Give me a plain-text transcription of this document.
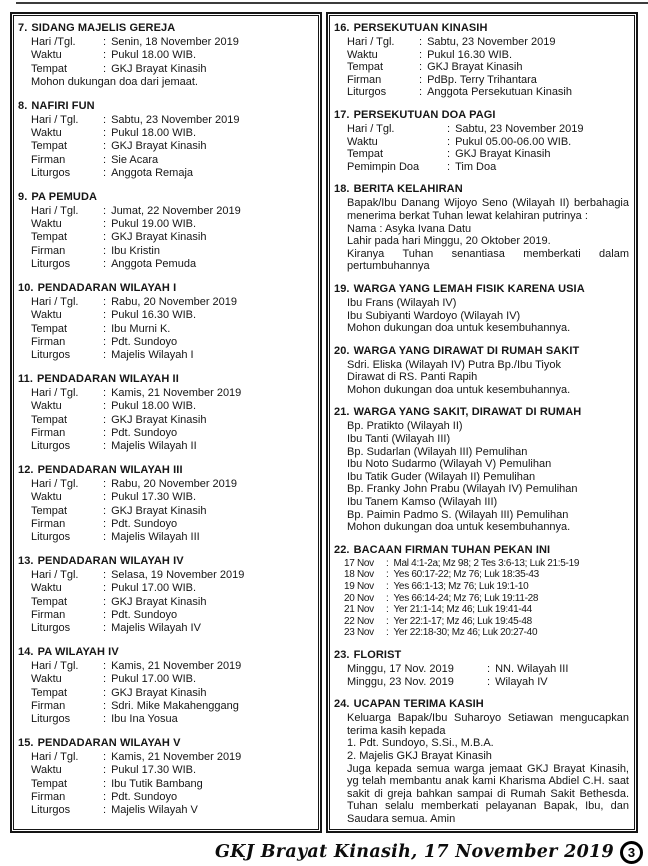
7. SIDANG MAJELIS GEREJA
Hari /Tgl.	: Senin, 18 November 2019
Waktu	: Pukul 18.00 WIB.
Tempat	: GKJ Brayat Kinasih
Mohon dukungan doa dari jemaat.
8. NAFIRI FUN
Hari / Tgl.	: Sabtu, 23 November 2019
Waktu	: Pukul 18.00 WIB.
Tempat	: GKJ Brayat Kinasih
Firman	: Sie Acara
Liturgos	: Anggota Remaja
9. PA PEMUDA
Hari / Tgl.	: Jumat, 22 November 2019
Waktu	: Pukul 19.00 WIB.
Tempat	: GKJ Brayat Kinasih
Firman	: Ibu Kristin
Liturgos	: Anggota Pemuda
10. PENDADARAN WILAYAH I
Hari / Tgl.	: Rabu, 20 November 2019
Waktu	: Pukul 16.30 WIB.
Tempat	: Ibu Murni K.
Firman	: Pdt. Sundoyo
Liturgos	: Majelis Wilayah I
11. PENDADARAN WILAYAH II
Hari / Tgl.	: Kamis, 21 November 2019
Waktu	: Pukul 18.00 WIB.
Tempat	: GKJ Brayat Kinasih
Firman	: Pdt. Sundoyo
Liturgos	: Majelis Wilayah II
12. PENDADARAN WILAYAH III
Hari / Tgl.	: Rabu, 20 November 2019
Waktu	: Pukul 17.30 WIB.
Tempat	: GKJ Brayat Kinasih
Firman	: Pdt. Sundoyo
Liturgos	: Majelis Wilayah III
13. PENDADARAN WILAYAH IV
Hari / Tgl.	: Selasa, 19 November 2019
Waktu	: Pukul 17.00 WIB.
Tempat	: GKJ Brayat Kinasih
Firman	: Pdt. Sundoyo
Liturgos	: Majelis Wilayah IV
14. PA WILAYAH IV
Hari / Tgl.	: Kamis, 21 November 2019
Waktu	: Pukul 17.00 WIB.
Tempat	: GKJ Brayat Kinasih
Firman	: Sdri. Mike Makahenggang
Liturgos	: Ibu Ina Yosua
15. PENDADARAN WILAYAH V
Hari / Tgl.	: Kamis, 21 November 2019
Waktu	: Pukul 17.30 WIB.
Tempat	: Ibu Tutik Bambang
Firman	: Pdt. Sundoyo
Liturgos	: Majelis Wilayah V
16. PERSEKUTUAN KINASIH
Hari / Tgl.	: Sabtu, 23 November 2019
Waktu	: Pukul 16.30 WIB.
Tempat	: GKJ Brayat Kinasih
Firman	: PdBp. Terry Trihantara
Liturgos	: Anggota Persekutuan Kinasih
17. PERSEKUTUAN DOA PAGI
Hari / Tgl.	: Sabtu, 23 November 2019
Waktu	: Pukul 05.00-06.00 WIB.
Tempat	: GKJ Brayat Kinasih
Pemimpin Doa	: Tim Doa
18. BERITA KELAHIRAN
Bapak/Ibu Danang Wijoyo Seno (Wilayah II) berbahagia menerima berkat Tuhan lewat kelahiran putrinya :
Nama : Asyka Ivana Datu
Lahir pada hari Minggu, 20 Oktober 2019.
Kiranya Tuhan senantiasa memberkati dalam pertumbuhannya
19. WARGA YANG LEMAH FISIK KARENA USIA
Ibu Frans (Wilayah IV)
Ibu Subiyanti Wardoyo (Wilayah IV)
Mohon dukungan doa untuk kesembuhannya.
20. WARGA YANG DIRAWAT DI RUMAH SAKIT
Sdri. Eliska (Wilayah IV) Putra Bp./Ibu Tiyok
Dirawat di RS. Panti Rapih
Mohon dukungan doa untuk kesembuhannya.
21. WARGA YANG SAKIT, DIRAWAT DI RUMAH
Bp. Pratikto (Wilayah II)
Ibu Tanti (Wilayah III)
Bp. Sudarlan (Wilayah III) Pemulihan
Ibu Noto Sudarmo (Wilayah V) Pemulihan
Ibu Tatik Guder (Wilayah II) Pemulihan
Bp. Franky John Prabu (Wilayah IV) Pemulihan
Ibu Tanem Kamso (Wilayah III)
Bp. Paimin Padmo S. (Wilayah III) Pemulihan
Mohon dukungan doa untuk kesembuhannya.
22. BACAAN FIRMAN TUHAN PEKAN INI
17 Nov	: Mal 4:1-2a; Mz 98; 2 Tes 3:6-13; Luk 21:5-19
18 Nov	: Yes 60:17-22; Mz 76; Luk 18:35-43
19 Nov	: Yes 66:1-13; Mz 76; Luk 19:1-10
20 Nov	: Yes 66:14-24; Mz 76; Luk 19:11-28
21 Nov	: Yer 21:1-14; Mz 46; Luk 19:41-44
22 Nov	: Yer 22:1-17; Mz 46; Luk 19:45-48
23 Nov	: Yer 22:18-30; Mz 46; Luk 20:27-40
23. FLORIST
Minggu, 17 Nov. 2019	: NN. Wilayah III
Minggu, 23 Nov. 2019	: Wilayah IV
24. UCAPAN TERIMA KASIH
Keluarga Bapak/Ibu Suharoyo Setiawan mengucapkan terima kasih kepada
1. Pdt. Sundoyo, S.Si., M.B.A.
2. Majelis GKJ Brayat Kinasih
Juga kepada semua warga jemaat GKJ Brayat Kinasih, yg telah membantu anak kami Kharisma Abdiel C.H. saat sakit di greja bahkan sampai di Rumah Sakit Bethesda. Tuhan selalu memberkati pelayanan Bapak, Ibu, dan Saudara semua. Amin
GKJ Brayat Kinasih, 17 November 2019	3
